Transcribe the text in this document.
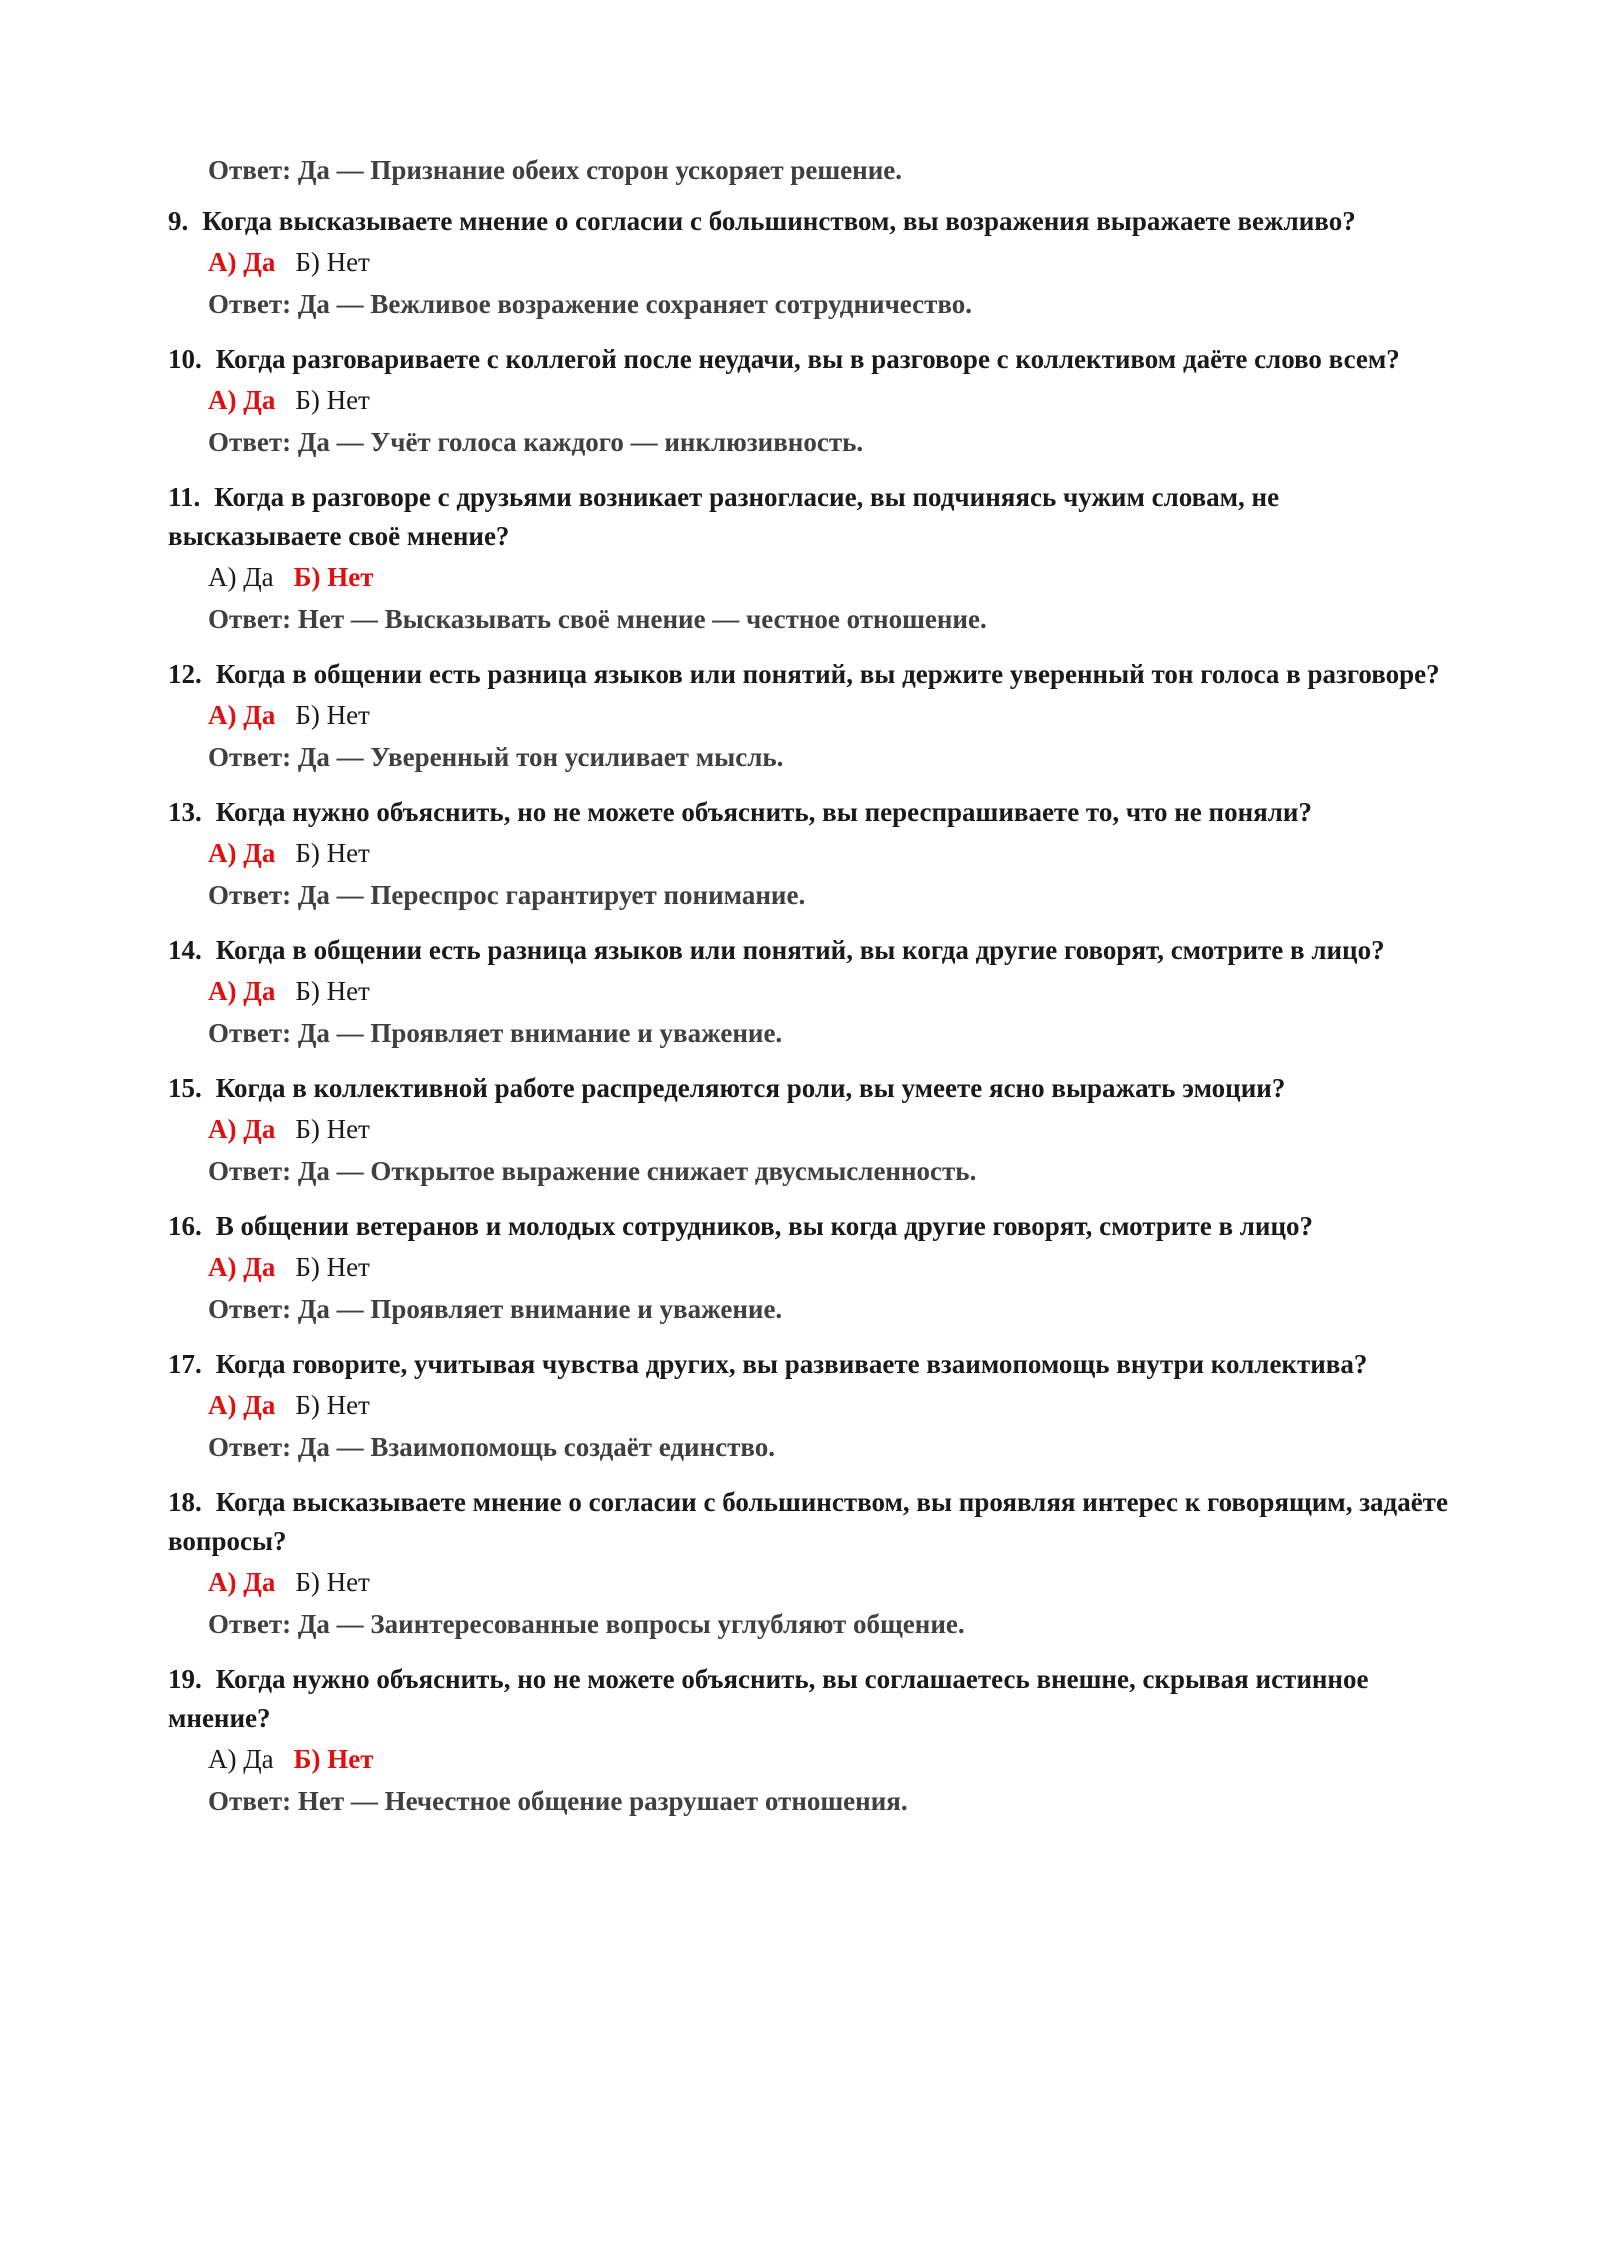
Ответ: Да — Признание обеих сторон ускоряет решение.
9. Когда высказываете мнение о согласии с большинством, вы возражения выражаете вежливо?
А) Да Б) Нет
Ответ: Да — Вежливое возражение сохраняет сотрудничество.
10. Когда разговариваете с коллегой после неудачи, вы в разговоре с коллективом даёте слово всем?
А) Да Б) Нет
Ответ: Да — Учёт голоса каждого — инклюзивность.
11. Когда в разговоре с друзьями возникает разногласие, вы подчиняясь чужим словам, не высказываете своё мнение?
А) Да Б) Нет
Ответ: Нет — Высказывать своё мнение — честное отношение.
12. Когда в общении есть разница языков или понятий, вы держите уверенный тон голоса в разговоре?
А) Да Б) Нет
Ответ: Да — Уверенный тон усиливает мысль.
13. Когда нужно объяснить, но не можете объяснить, вы переспрашиваете то, что не поняли?
А) Да Б) Нет
Ответ: Да — Переспрос гарантирует понимание.
14. Когда в общении есть разница языков или понятий, вы когда другие говорят, смотрите в лицо?
А) Да Б) Нет
Ответ: Да — Проявляет внимание и уважение.
15. Когда в коллективной работе распределяются роли, вы умеете ясно выражать эмоции?
А) Да Б) Нет
Ответ: Да — Открытое выражение снижает двусмысленность.
16. В общении ветеранов и молодых сотрудников, вы когда другие говорят, смотрите в лицо?
А) Да Б) Нет
Ответ: Да — Проявляет внимание и уважение.
17. Когда говорите, учитывая чувства других, вы развиваете взаимопомощь внутри коллектива?
А) Да Б) Нет
Ответ: Да — Взаимопомощь создаёт единство.
18. Когда высказываете мнение о согласии с большинством, вы проявляя интерес к говорящим, задаёте вопросы?
А) Да Б) Нет
Ответ: Да — Заинтересованные вопросы углубляют общение.
19. Когда нужно объяснить, но не можете объяснить, вы соглашаетесь внешне, скрывая истинное мнение?
А) Да Б) Нет
Ответ: Нет — Нечестное общение разрушает отношения.
